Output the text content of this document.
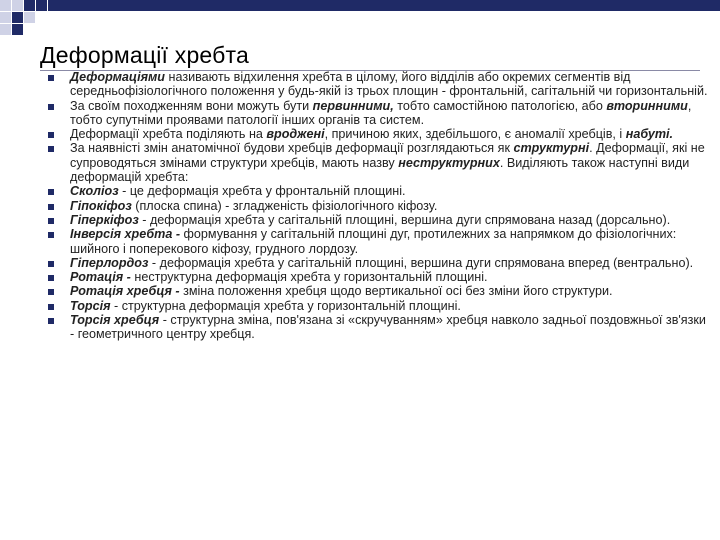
Деформації хребта
Деформаціями називають відхилення хребта в цілому, його відділів або окремих сегментів від середньофізіологічного положення у будь-якій із трьох площин - фронтальній, сагітальній чи горизонтальній.
За своїм походженням вони можуть бути первинними, тобто самостійною патологією, або вторинними, тобто супутніми проявами патології інших органів та систем.
Деформації хребта поділяють на вроджені, причиною яких, здебільшого, є аномалії хребців, і набуті.
За наявністі змін анатомічної будови хребців деформації розглядаються як структурні. Деформації, які не супроводяться змінами структури хребців, мають назву неструктурних. Виділяють також наступні види деформацій хребта:
Сколіоз - це деформація хребта у фронтальній площині.
Гіпокіфоз (плоска спина) - згладженість фізіологічного кіфозу.
Гіперкіфоз - деформація хребта у сагітальній площині, вершина дуги спрямована назад (дорсально).
Інверсія хребта - формування у сагітальній площині дуг, протилежних за напрямком до фізіологічних: шийного і поперекового кіфозу, грудного лордозу.
Гіперлордоз - деформація хребта у сагітальній площині, вершина дуги спрямована вперед (вентрально).
Ротація - неструктурна деформація хребта у горизонтальній площині.
Ротація хребця - зміна положення хребця щодо вертикальної осі без зміни його структури.
Торсія - структурна деформація хребта у горизонтальній площині.
Торсія хребця - структурна зміна, пов'язана зі «скручуванням» хребця навколо задньої поздовжньої зв'язки - геометричного центру хребця.
